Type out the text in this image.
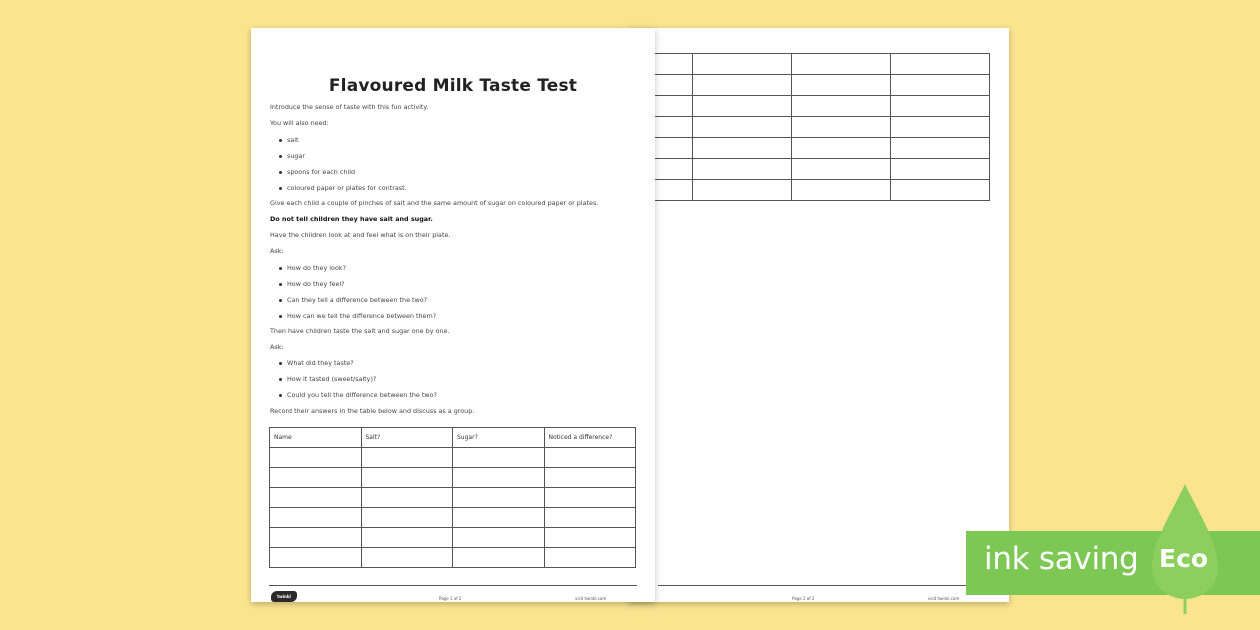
Page 2 of 2	visit twinkl.com
Flavoured Milk Taste Test
Introduce the sense of taste with this fun activity.
You will also need:
salt
sugar
spoons for each child
coloured paper or plates for contrast.
Give each child a couple of pinches of salt and the same amount of sugar on coloured paper or plates.
Do not tell children they have salt and sugar.
Have the children look at and feel what is on their plate.
Ask:
How do they look?
How do they feel?
Can they tell a difference between the two?
How can we tell the difference between them?
Then have children taste the salt and sugar one by one.
Ask:
What did they taste?
How it tasted (sweet/salty)?
Could you tell the difference between the two?
Record their answers in the table below and discuss as a group.
Name	Salt?	Sugar?	Noticed a difference?

twinkl	Page 1 of 2	visit twinkl.com
ink saving Eco
